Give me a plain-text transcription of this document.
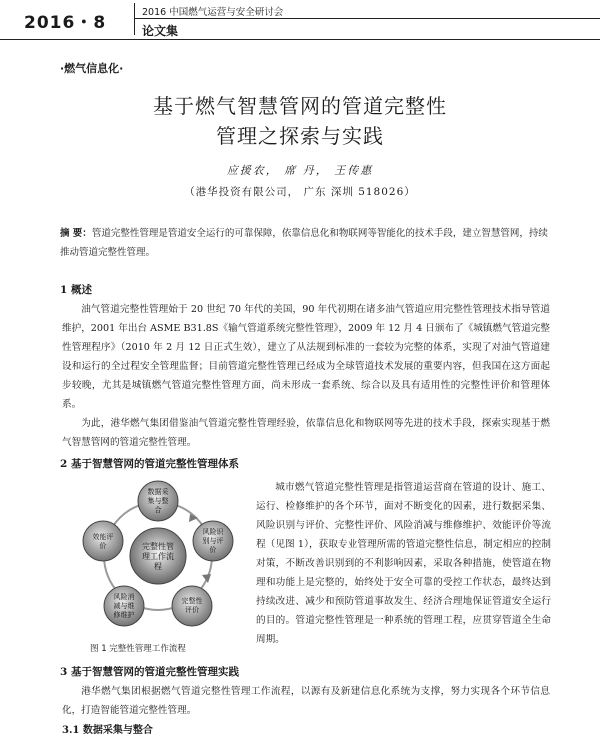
2016・8
2016 中国燃气运营与安全研讨会
论文集
·燃气信息化·
基于燃气智慧管网的管道完整性
管理之探索与实践
应援农， 席 丹， 王传惠
（港华投资有限公司， 广东 深圳 518026）
摘 要：管道完整性管理是管道安全运行的可靠保障，依靠信息化和物联网等智能化的技术手段，建立智慧管网，持续推动管道完整性管理。
1 概述
油气管道完整性管理始于 20 世纪 70 年代的美国，90 年代初期在诸多油气管道应用完整性管理技术指导管道维护，2001 年出台 ASME B31.8S《输气管道系统完整性管理》，2009 年 12 月 4 日颁布了《城镇燃气管道完整性管理程序》（2010 年 2 月 12 日正式生效），建立了从法规到标准的一套较为完整的体系，实现了对油气管道建设和运行的全过程安全管理监督；目前管道完整性管理已经成为全球管道技术发展的重要内容，但我国在这方面起步较晚，尤其是城镇燃气管道完整性管理方面，尚未形成一套系统、综合以及具有适用性的完整性评价和管理体系。
为此，港华燃气集团借鉴油气管道完整性管理经验，依靠信息化和物联网等先进的技术手段，探索实现基于燃气智慧管网的管道完整性管理。
2 基于智慧管网的管道完整性管理体系
完整性管
理工作流
程
数据采
集与整
合
风险识
别与评
价
完整性
评价
风险消
减与维
修维护
效能评
价
图 1 完整性管理工作流程
城市燃气管道完整性管理是指管道运营商在管道的设计、施工、运行、检修维护的各个环节，面对不断变化的因素，进行数据采集、风险识别与评价、完整性评价、风险消减与维修维护、效能评价等流程（见图 1），获取专业管理所需的管道完整性信息，制定相应的控制对策，不断改善识别到的不利影响因素，采取各种措施，使管道在物理和功能上是完整的，始终处于安全可靠的受控工作状态，最终达到持续改进、减少和预防管道事故发生、经济合理地保证管道安全运行的目的。管道完整性管理是一种系统的管理工程，应贯穿管道全生命周期。
3 基于智慧管网的管道完整性管理实践
港华燃气集团根据燃气管道完整性管理工作流程，以源有及新建信息化系统为支撑，努力实现各个环节信息化，打造智能管道完整性管理。
3.1 数据采集与整合
